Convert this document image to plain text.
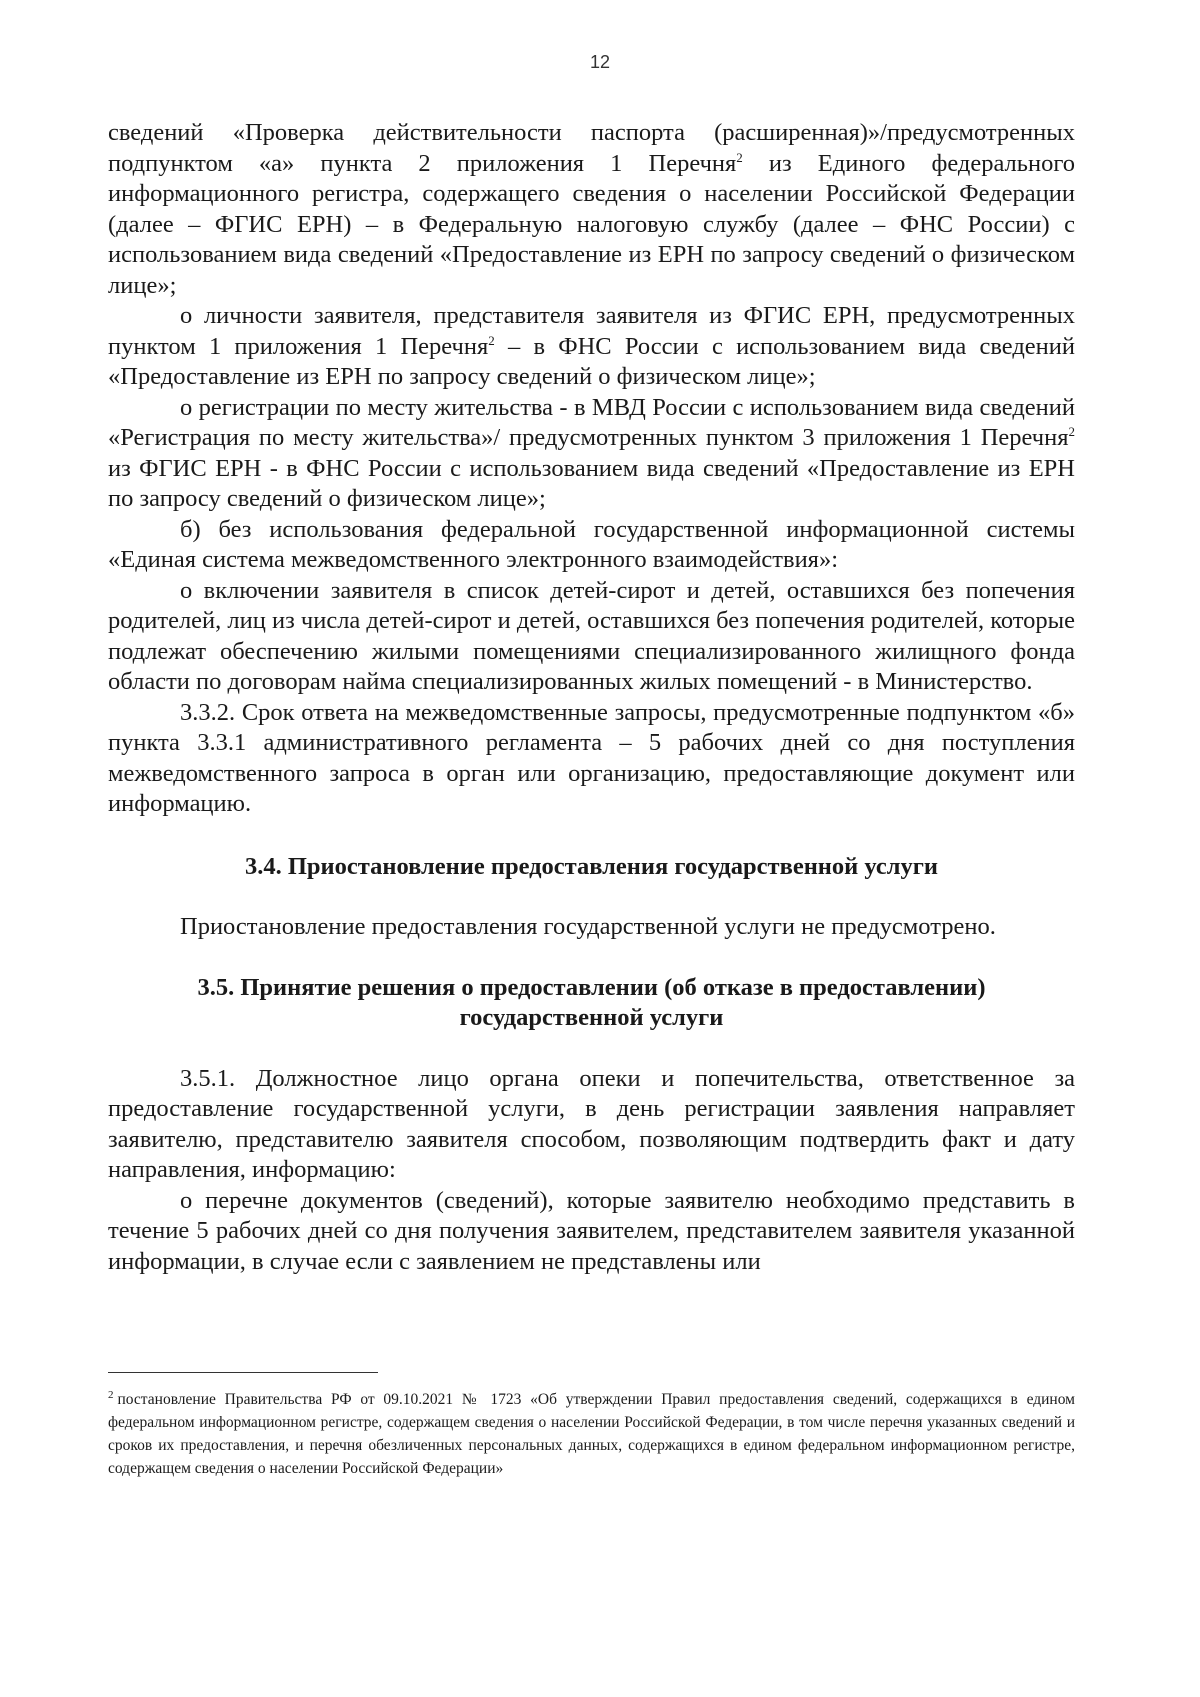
12

сведений «Проверка действительности паспорта (расширенная)»/предусмотренных подпунктом «а» пункта 2 приложения 1 Перечня$^2$ из Единого федерального информационного регистра, содержащего сведения о населении Российской Федерации (далее – ФГИС ЕРН) – в Федеральную налоговую службу (далее – ФНС России) с использованием вида сведений «Предоставление из ЕРН по запросу сведений о физическом лице»;

о личности заявителя, представителя заявителя из ФГИС ЕРН, предусмотренных пунктом 1 приложения 1 Перечня$^2$ – в ФНС России с использованием вида сведений «Предоставление из ЕРН по запросу сведений о физическом лице»;

о регистрации по месту жительства - в МВД России с использованием вида сведений «Регистрация по месту жительства»/ предусмотренных пунктом 3 приложения 1 Перечня$^2$ из ФГИС ЕРН - в ФНС России с использованием вида сведений «Предоставление из ЕРН по запросу сведений о физическом лице»;

б) без использования федеральной государственной информационной системы «Единая система межведомственного электронного взаимодействия»:

о включении заявителя в список детей-сирот и детей, оставшихся без попечения родителей, лиц из числа детей-сирот и детей, оставшихся без попечения родителей, которые подлежат обеспечению жилыми помещениями специализированного жилищного фонда области по договорам найма специализированных жилых помещений - в Министерство.

3.3.2. Срок ответа на межведомственные запросы, предусмотренные подпунктом «б» пункта 3.3.1 административного регламента – 5 рабочих дней со дня поступления межведомственного запроса в орган или организацию, предоставляющие документ или информацию.

3.4. Приостановление предоставления государственной услуги

Приостановление предоставления государственной услуги не предусмотрено.

3.5. Принятие решения о предоставлении (об отказе в предоставлении)
государственной услуги

3.5.1. Должностное лицо органа опеки и попечительства, ответственное за предоставление государственной услуги, в день регистрации заявления направляет заявителю, представителю заявителя способом, позволяющим подтвердить факт и дату направления, информацию:

о перечне документов (сведений), которые заявителю необходимо представить в течение 5 рабочих дней со дня получения заявителем, представителем заявителя указанной информации, в случае если с заявлением не представлены или

$^2$ постановление Правительства РФ от 09.10.2021 № 1723 «Об утверждении Правил предоставления сведений, содержащихся в едином федеральном информационном регистре, содержащем сведения о населении Российской Федерации, в том числе перечня указанных сведений и сроков их предоставления, и перечня обезличенных персональных данных, содержащихся в едином федеральном информационном регистре, содержащем сведения о населении Российской Федерации»
